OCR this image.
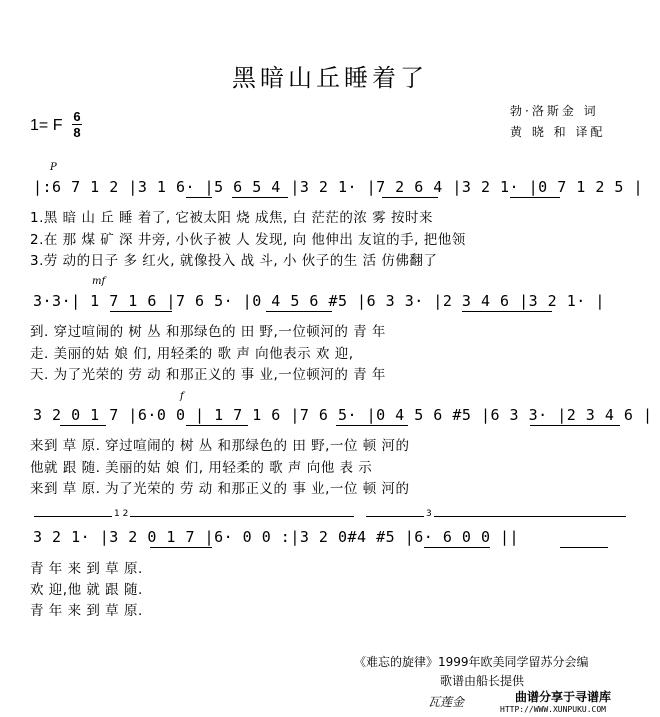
黑暗山丘睡着了
1= F
6
8
勃·洛斯金 词
黄 晓 和 译配
P
|:6 7 1 2 |3 1 6· |5 6 5 4 |3 2 1· |7 2 6 4 |3 2 1· |0 7 1 2 5 |
1.黑 暗 山 丘 睡 着了, 它被太阳 烧 成焦, 白 茫茫的浓 雾 按时来
2.在 那 煤 矿 深 井旁, 小伙子被 人 发现, 向 他伸出 友谊的手, 把他领
3.劳 动的日子 多 红火, 就像投入 战 斗, 小 伙子的生 活 仿佛翻了
mf
3·3·| 1 7 1 6 |7 6 5· |0 4 5 6 #5 |6 3 3· |2 3 4 6 |3 2 1· |
到. 穿过喧闹的 树 丛 和那绿色的 田 野,一位顿河的 青 年
走. 美丽的姑 娘 们, 用轻柔的 歌 声 向他表示 欢 迎,
天. 为了光荣的 劳 动 和那正义的 事 业,一位顿河的 青 年
f
3 2 0 1 7 |6·0 0 | 1 7 1 6 |7 6 5· |0 4 5 6 #5 |6 3 3· |2 3 4 6 |
来到 草 原. 穿过喧闹的 树 丛 和那绿色的 田 野,一位 顿 河的
他就 跟 随. 美丽的姑 娘 们, 用轻柔的 歌 声 向他 表 示
来到 草 原. 为了光荣的 劳 动 和那正义的 事 业,一位 顿 河的
1 2	3
3 2 1· |3 2 0 1 7 |6· 0 0 :|3 2 0#4 #5 |6· 6 0 0 ||
青 年 来 到 草 原.
欢 迎,他 就 跟 随.
青 年 来 到 草 原.
《难忘的旋律》1999年欧美同学留苏分会编
歌谱由船长提供
瓦莲金	曲谱分享于寻谱库
HTTP://WWW.XUNPUKU.COM
